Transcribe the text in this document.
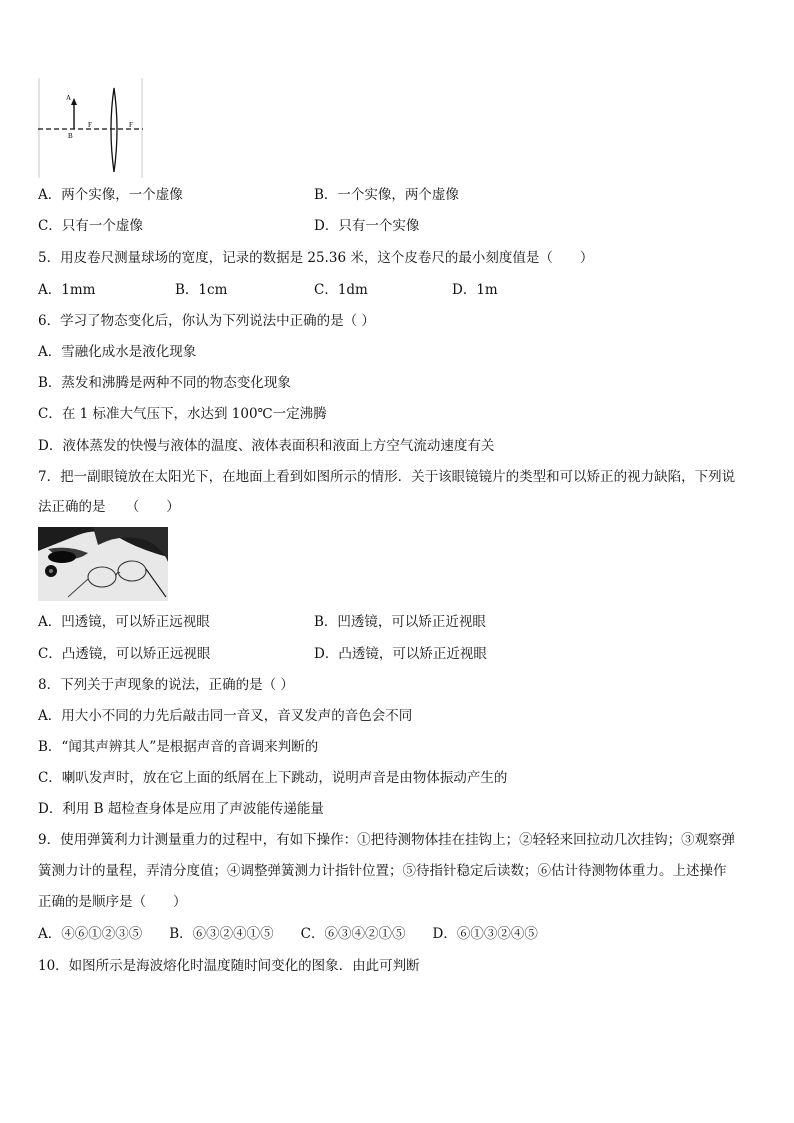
A
B
F	F
A．两个实像，一个虚像	B．一个实像，两个虚像
C．只有一个虚像	D．只有一个实像
5．用皮卷尺测量球场的宽度，记录的数据是 25.36 米，这个皮卷尺的最小刻度值是（　　）
A．1mm	B．1cm	C．1dm	D．1m
6．学习了物态变化后，你认为下列说法中正确的是（ ）
A．雪融化成水是液化现象
B．蒸发和沸腾是两种不同的物态变化现象
C．在 1 标准大气压下，水达到 100℃一定沸腾
D．液体蒸发的快慢与液体的温度、液体表面积和液面上方空气流动速度有关
7．把一副眼镜放在太阳光下，在地面上看到如图所示的情形．关于该眼镜镜片的类型和可以矫正的视力缺陷，下列说
法正确的是　　（　　）
A．凹透镜，可以矫正远视眼	B．凹透镜，可以矫正近视眼
C．凸透镜，可以矫正远视眼	D．凸透镜，可以矫正近视眼
8．下列关于声现象的说法，正确的是（ ）
A．用大小不同的力先后敲击同一音叉，音叉发声的音色会不同
B．“闻其声辨其人”是根据声音的音调来判断的
C．喇叭发声时，放在它上面的纸屑在上下跳动，说明声音是由物体振动产生的
D．利用 B 超检查身体是应用了声波能传递能量
9．使用弹簧利力计测量重力的过程中，有如下操作：①把待测物体挂在挂钩上；②轻轻来回拉动几次挂钩；③观察弹
簧测力计的量程，弄清分度值；④调整弹簧测力计指针位置；⑤待指针稳定后读数；⑥估计待测物体重力。上述操作
正确的是顺序是（　　）
A．④⑥①②③⑤　　B．⑥③②④①⑤　　C．⑥③④②①⑤　　D．⑥①③②④⑤
10．如图所示是海波熔化时温度随时间变化的图象．由此可判断
